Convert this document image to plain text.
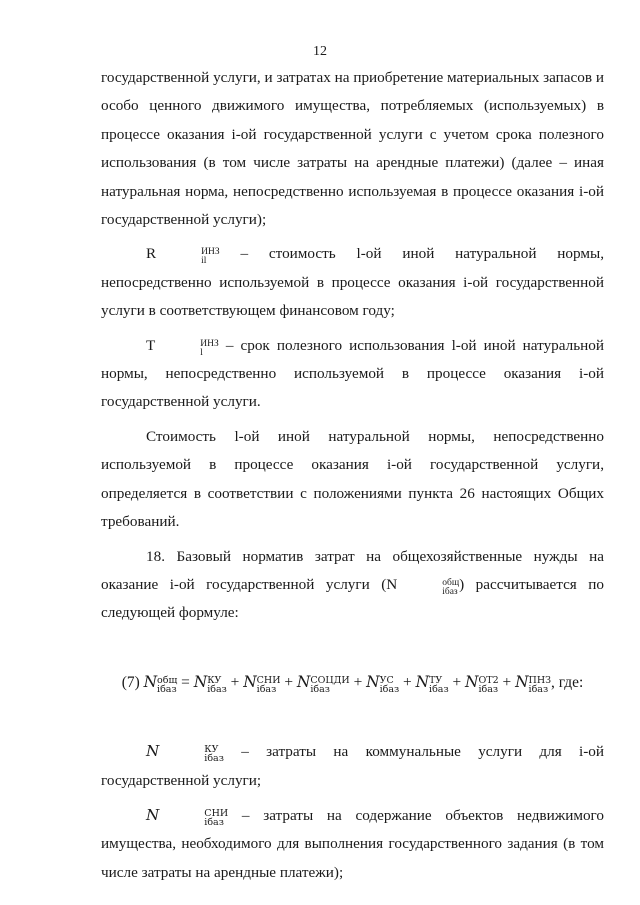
12

государственной услуги, и затратах на приобретение материальных запасов и особо ценного движимого имущества, потребляемых (используемых) в процессе оказания i-ой государственной услуги с учетом срока полезного использования (в том числе затраты на арендные платежи) (далее – иная натуральная норма, непосредственно используемая в процессе оказания i-ой государственной услуги);

R	ИНЗ
il	– стоимость l-ой иной натуральной нормы, непосредственно используемой в процессе оказания i-ой государственной услуги в соответствующем финансовом году;

T	ИНЗ
l	– срок полезного использования l-ой иной натуральной нормы, непосредственно используемой в процессе оказания i-ой государственной услуги.

Стоимость l-ой иной натуральной нормы, непосредственно используемой в процессе оказания i-ой государственной услуги, определяется в соответствии с положениями пункта 26 настоящих Общих требований.

18. Базовый норматив затрат на общехозяйственные нужды на оказание i-ой государственной услуги (N	общ
iбаз ) рассчитывается по следующей формуле:

(7) N общ
iбаз = N КУ
iбаз + N СНИ
iбаз + N СОЦДИ
iбаз	+ N УС
iбаз + N ТУ
iбаз + N ОТ2
iбаз + N ПНЗ
iбаз , где:

N	КУ
iбаз – затраты на коммунальные услуги для i-ой государственной услуги;

N	СНИ
iбаз – затраты на содержание объектов недвижимого имущества, необходимого для выполнения государственного задания (в том числе затраты на арендные платежи);
